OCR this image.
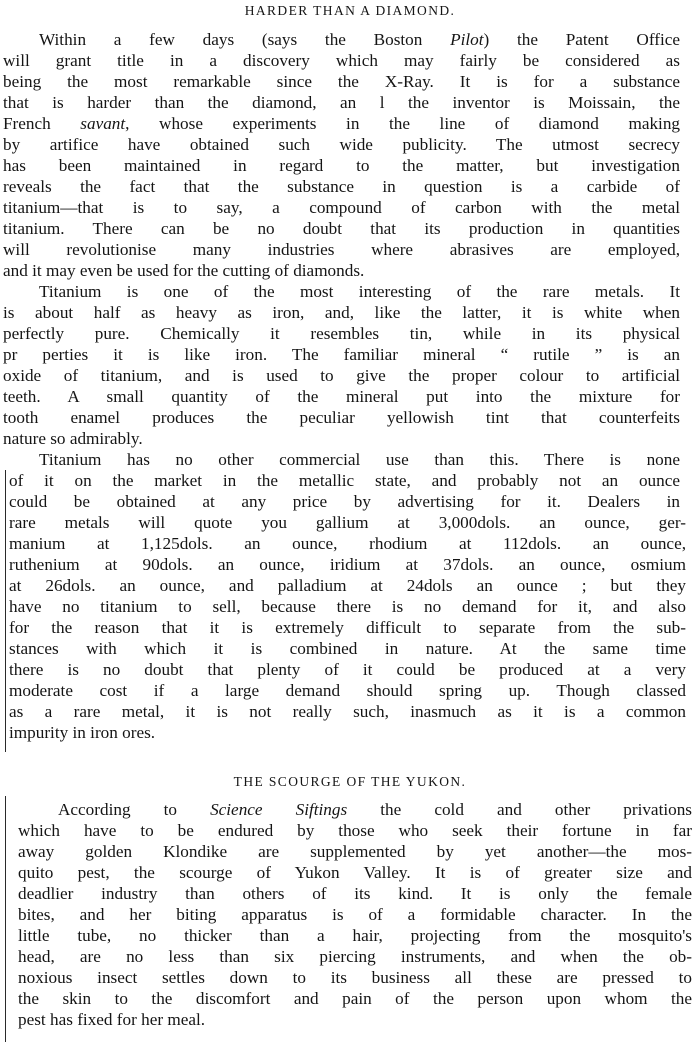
HARDER THAN A DIAMOND.

Within a few days (says the Boston Pilot) the Patent Office

will grant title in a discovery which may fairly be considered as

being the most remarkable since the X-Ray. It is for a substance

that is harder than the diamond, an l the inventor is Moissain, the

French savant, whose experiments in the line of diamond making

by artifice have obtained such wide publicity. The utmost secrecy

has been maintained in regard to the matter, but investigation

reveals the fact that the substance in question is a carbide of

titanium—that is to say, a compound of carbon with the metal

titanium. There can be no doubt that its production in quantities

will revolutionise many industries where abrasives are employed,

and it may even be used for the cutting of diamonds.

Titanium is one of the most interesting of the rare metals. It

is about half as heavy as iron, and, like the latter, it is white when

perfectly pure. Chemically it resembles tin, while in its physical

pr perties it is like iron. The familiar mineral “ rutile ” is an

oxide of titanium, and is used to give the proper colour to artificial

teeth. A small quantity of the mineral put into the mixture for

tooth enamel produces the peculiar yellowish tint that counterfeits

nature so admirably.

Titanium has no other commercial use than this. There is none

of it on the market in the metallic state, and probably not an ounce

could be obtained at any price by advertising for it. Dealers in

rare metals will quote you gallium at 3,000dols. an ounce, ger-

manium at 1,125dols. an ounce, rhodium at 112dols. an ounce,

ruthenium at 90dols. an ounce, iridium at 37dols. an ounce, osmium

at 26dols. an ounce, and palladium at 24dols an ounce ; but they

have no titanium to sell, because there is no demand for it, and also

for the reason that it is extremely difficult to separate from the sub-

stances with which it is combined in nature. At the same time

there is no doubt that plenty of it could be produced at a very

moderate cost if a large demand should spring up. Though classed

as a rare metal, it is not really such, inasmuch as it is a common

impurity in iron ores.

THE SCOURGE OF THE YUKON.

According to Science Siftings the cold and other privations

which have to be endured by those who seek their fortune in far

away golden Klondike are supplemented by yet another—the mos-

quito pest, the scourge of Yukon Valley. It is of greater size and

deadlier industry than others of its kind. It is only the female

bites, and her biting apparatus is of a formidable character. In the

little tube, no thicker than a hair, projecting from the mosquito's

head, are no less than six piercing instruments, and when the ob-

noxious insect settles down to its business all these are pressed to

the skin to the discomfort and pain of the person upon whom the

pest has fixed for her meal.
